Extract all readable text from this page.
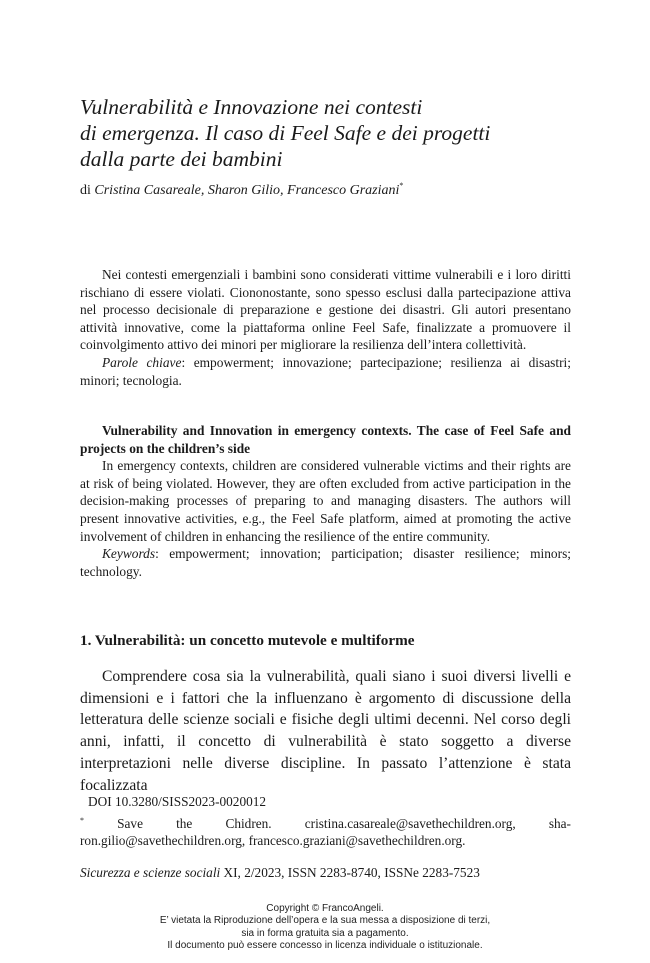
Vulnerabilità e Innovazione nei contesti
di emergenza. Il caso di Feel Safe e dei progetti
dalla parte dei bambini
di Cristina Casareale, Sharon Gilio, Francesco Graziani*

Nei contesti emergenziali i bambini sono considerati vittime vulnerabili e i loro diritti rischiano di essere violati. Ciononostante, sono spesso esclusi dalla partecipazione attiva nel processo decisionale di preparazione e gestione dei disastri. Gli autori presentano attività innovative, come la piattaforma online Feel Safe, finalizzate a promuovere il coinvolgimento attivo dei minori per migliorare la resilienza dell’intera collettività.

Parole chiave: empowerment; innovazione; partecipazione; resilienza ai disastri; minori; tecnologia.

Vulnerability and Innovation in emergency contexts. The case of Feel Safe and projects on the children’s side

In emergency contexts, children are considered vulnerable victims and their rights are at risk of being violated. However, they are often excluded from active participation in the decision-making processes of preparing to and managing disasters. The authors will present innovative activities, e.g., the Feel Safe platform, aimed at promoting the active involvement of children in enhancing the resilience of the entire community.

Keywords: empowerment; innovation; participation; disaster resilience; minors; technology.

1. Vulnerabilità: un concetto mutevole e multiforme

Comprendere cosa sia la vulnerabilità, quali siano i suoi diversi livelli e dimensioni e i fattori che la influenzano è argomento di discussione della letteratura delle scienze sociali e fisiche degli ultimi decenni. Nel corso degli anni, infatti, il concetto di vulnerabilità è stato soggetto a diverse interpretazioni nelle diverse discipline. In passato l’attenzione è stata focalizzata

DOI 10.3280/SISS2023-0020012
* Save the Chidren. cristina.casareale@savethechildren.org, sha-
ron.gilio@savethechildren.org, francesco.graziani@savethechildren.org.
Sicurezza e scienze sociali XI, 2/2023, ISSN 2283-8740, ISSNe 2283-7523
Copyright © FrancoAngeli.
E’ vietata la Riproduzione dell’opera e la sua messa a disposizione di terzi,
sia in forma gratuita sia a pagamento.
Il documento può essere concesso in licenza individuale o istituzionale.
